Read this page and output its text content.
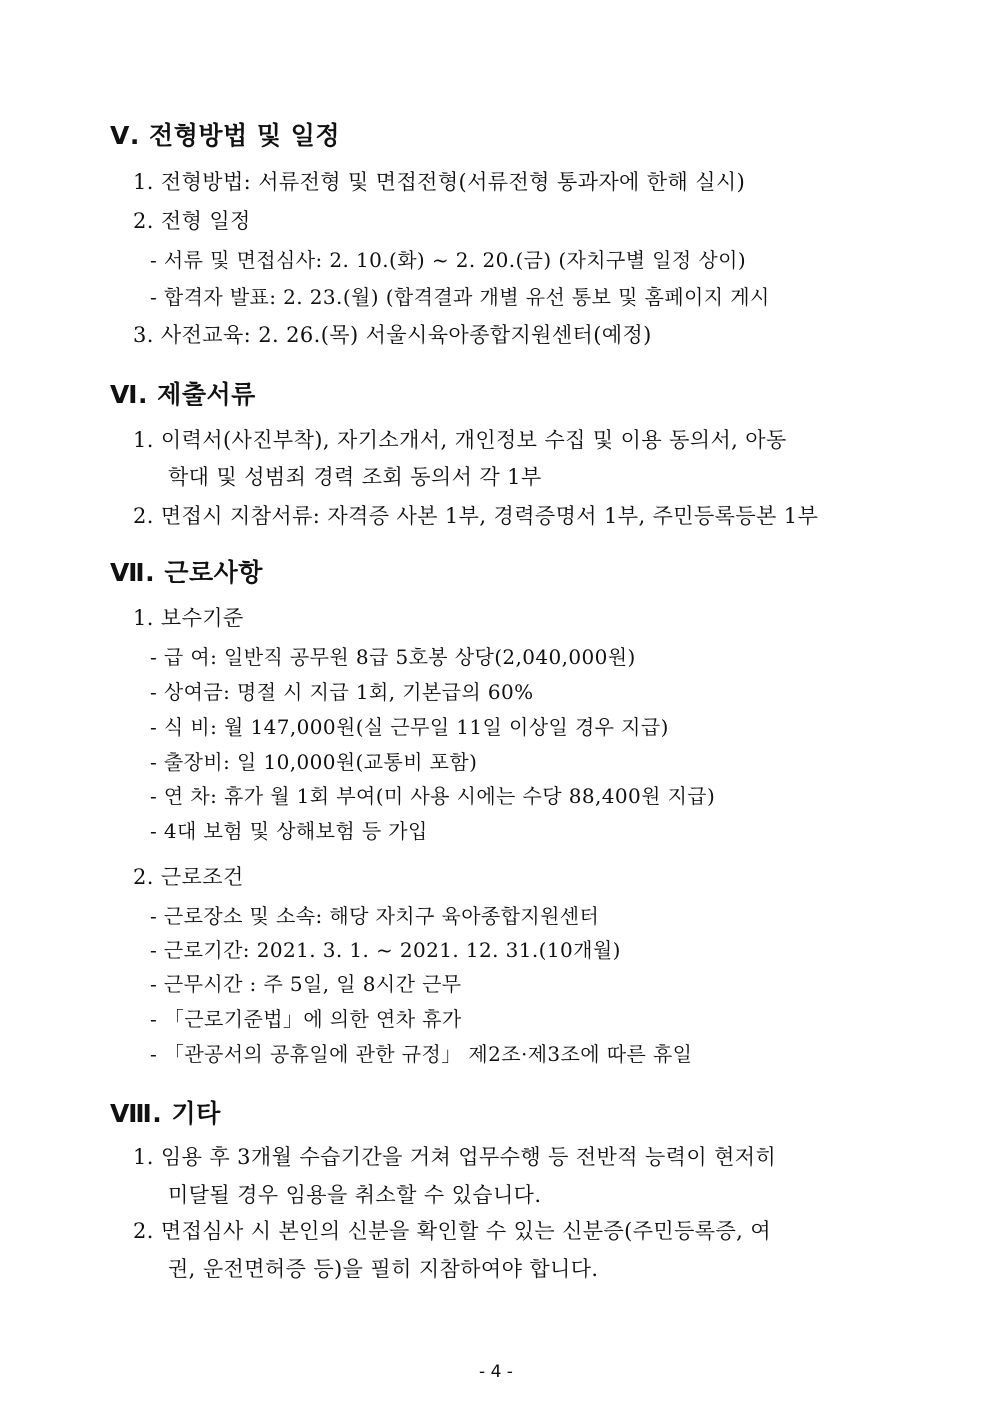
Ⅴ. 전형방법 및 일정
1. 전형방법: 서류전형 및 면접전형(서류전형 통과자에 한해 실시)
2. 전형 일정
- 서류 및 면접심사: 2. 10.(화) ~ 2. 20.(금) (자치구별 일정 상이)
- 합격자 발표: 2. 23.(월) (합격결과 개별 유선 통보 및 홈페이지 게시
3. 사전교육: 2. 26.(목) 서울시육아종합지원센터(예정)
Ⅵ. 제출서류
1. 이력서(사진부착), 자기소개서, 개인정보 수집 및 이용 동의서, 아동
학대 및 성범죄 경력 조회 동의서 각 1부
2. 면접시 지참서류: 자격증 사본 1부, 경력증명서 1부, 주민등록등본 1부
Ⅶ. 근로사항
1. 보수기준
- 급 여: 일반직 공무원 8급 5호봉 상당(2,040,000원)
- 상여금: 명절 시 지급 1회, 기본급의 60%
- 식 비: 월 147,000원(실 근무일 11일 이상일 경우 지급)
- 출장비: 일 10,000원(교통비 포함)
- 연 차: 휴가 월 1회 부여(미 사용 시에는 수당 88,400원 지급)
- 4대 보험 및 상해보험 등 가입
2. 근로조건
- 근로장소 및 소속: 해당 자치구 육아종합지원센터
- 근로기간: 2021. 3. 1. ~ 2021. 12. 31.(10개월)
- 근무시간 : 주 5일, 일 8시간 근무
- 「근로기준법」에 의한 연차 휴가
- 「관공서의 공휴일에 관한 규정」 제2조·제3조에 따른 휴일
Ⅷ. 기타
1. 임용 후 3개월 수습기간을 거쳐 업무수행 등 전반적 능력이 현저히
미달될 경우 임용을 취소할 수 있습니다.
2. 면접심사 시 본인의 신분을 확인할 수 있는 신분증(주민등록증, 여
권, 운전면허증 등)을 필히 지참하여야 합니다.
- 4 -
